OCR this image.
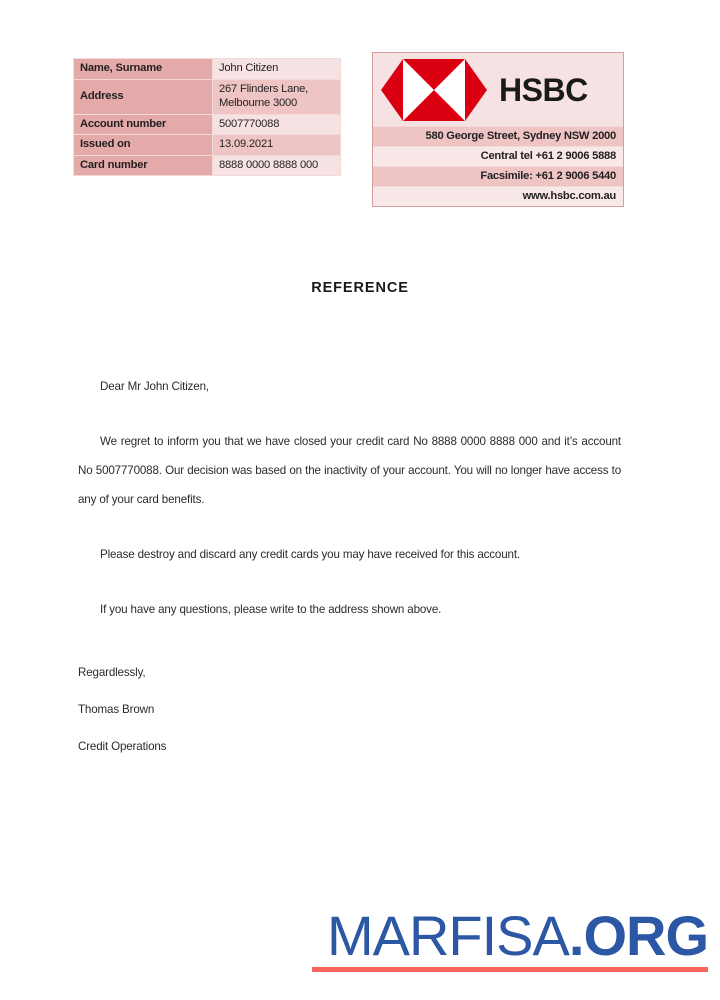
Name, Surname	John Citizen
Address	267 Flinders Lane,
Melbourne 3000

Account number	5007770088
Issued on	13.09.2021
Card number	8888 0000 8888 000
HSBC
580 George Street, Sydney NSW 2000
Central tel +61 2 9006 5888
Facsimile: +61 2 9006 5440
www.hsbc.com.au
REFERENCE

Dear Mr John Citizen,

We regret to inform you that we have closed your credit card No 8888 0000 8888 000 and it’s account No 5007770088. Our decision was based on the inactivity of your account. You will no longer have access to any of your card benefits.

Please destroy and discard any credit cards you may have received for this account.

If you have any questions, please write to the address shown above.

Regardlessly,
Thomas Brown
Credit Operations
MARFISA.ORG
